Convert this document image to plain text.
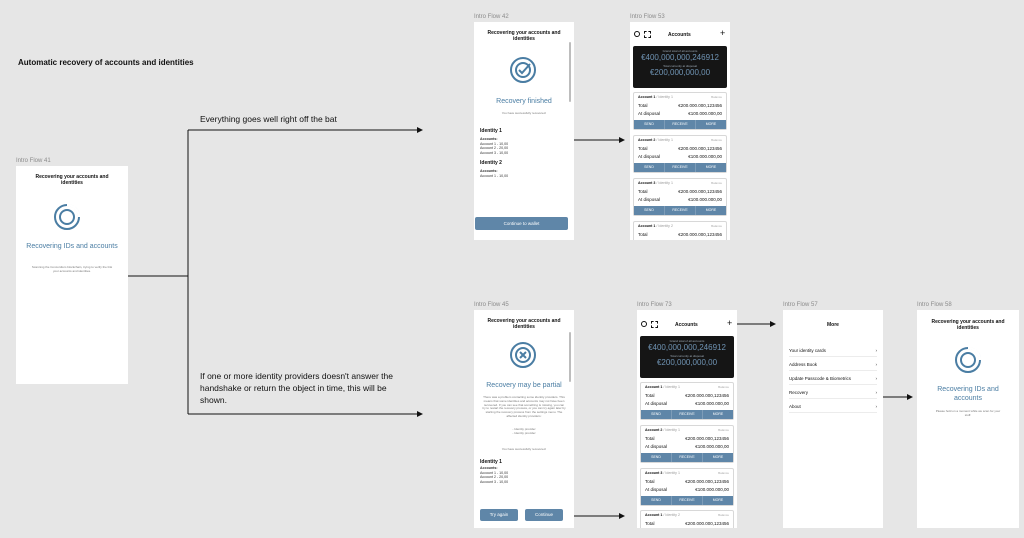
Automatic recovery of accounts and identities
Everything goes well right off the bat
If one or more identity providers doesn't answer the handshake or return the object in time, this will be shown.
Intro Flow 41
Recovering your accounts and identities
Recovering IDs and accounts
Scanning the Concordium blockchain, trying to verify the link your accounts and identities.
Intro Flow 42
Recovering your accounts and identities
Recovery finished
You have successfully recovered:
Identity 1
Accounts:
Account 1 - 10,00
Account 2 - 20,00
Account 3 - 10,00
Identity 2
Accounts:
Account 1 - 10,00
Continue to wallet
Intro Flow 53
Accounts	+
Grand total of all accounts
€400,000,000,246912
Total currently at disposal
€200,000,000,00
Account 1 / Identity 1	Balance
Total	€200.000.000,123456
At disposal	€100.000.000,00
SEND	RECEIVE	MORE
Account 2 / Identity 1	Balance
Total	€200.000.000,123456
At disposal	€100.000.000,00
SEND	RECEIVE	MORE
Account 3 / Identity 1	Balance
Total	€200.000.000,123456
At disposal	€100.000.000,00
SEND	RECEIVE	MORE
Account 1 / Identity 2	Balance
Total	€200.000.000,123456
Intro Flow 45
Recovering your accounts and identities
Recovery may be partial
There was a problem contacting some identity providers. This means that some identities and accounts may not have been recovered. If you can see that something is missing, you can try to restart the recovery process, or you can try again later by starting the recovery process from the settings menu. The affected identity providers:
- Identity provider
- Identity provider
You have successfully recovered:
Identity 1
Accounts:
Account 1 - 10,00
Account 2 - 20,00
Account 3 - 10,00
Try again	Continue
Intro Flow 73
Accounts	+
Grand total of all accounts
€400,000,000,246912
Total currently at disposal
€200,000,000,00
Account 1 / Identity 1	Balance
Total	€200.000.000,123456
At disposal	€100.000.000,00
SEND	RECEIVE	MORE
Account 2 / Identity 1	Balance
Total	€200.000.000,123456
At disposal	€100.000.000,00
SEND	RECEIVE	MORE
Account 3 / Identity 1	Balance
Total	€200.000.000,123456
At disposal	€100.000.000,00
SEND	RECEIVE	MORE
Account 1 / Identity 2	Balance
Total	€200.000.000,123456
Intro Flow 57
More
Your identity cards	›
Address Book	›
Update Passcode & Biometrics	›
Recovery	›
About	›
Intro Flow 58
Recovering your accounts and identities
Recovering IDs and accounts
Please hold on a moment while we scan for your stuff.
